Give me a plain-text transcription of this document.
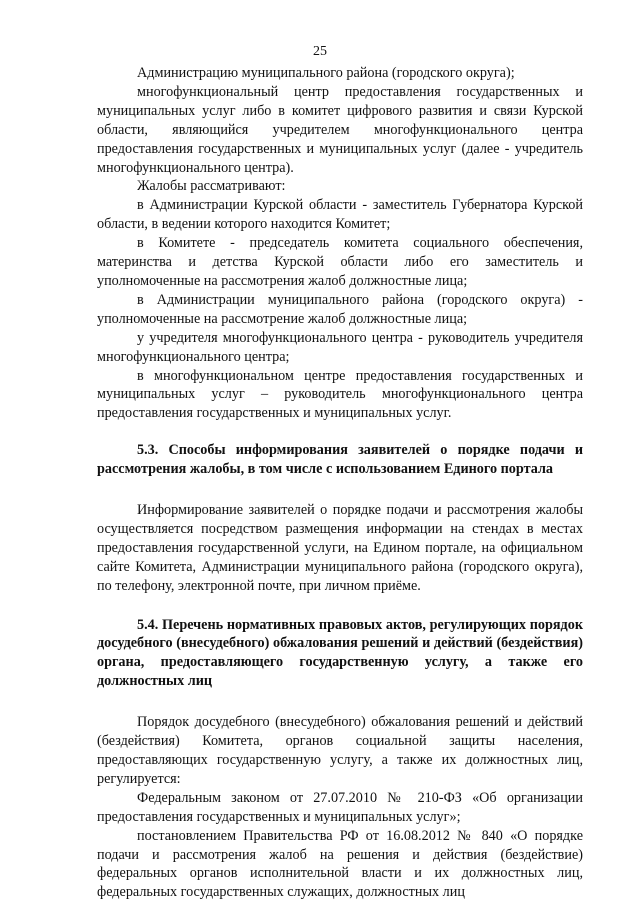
25

Администрацию муниципального района (городского округа);

многофункциональный центр предоставления государственных и муниципальных услуг либо в комитет цифрового развития и связи Курской области, являющийся учредителем многофункционального центра предоставления государственных и муниципальных услуг (далее - учредитель многофункционального центра).

Жалобы рассматривают:

в Администрации Курской области - заместитель Губернатора Курской области, в ведении которого находится Комитет;

в Комитете - председатель комитета социального обеспечения, материнства и детства Курской области либо его заместитель и уполномоченные на рассмотрения жалоб должностные лица;

в Администрации муниципального района (городского округа) - уполномоченные на рассмотрение жалоб должностные лица;

у учредителя многофункционального центра - руководитель учредителя многофункционального центра;

в многофункциональном центре предоставления государственных и муниципальных услуг – руководитель многофункционального центра предоставления государственных и муниципальных услуг.

5.3. Способы информирования заявителей о порядке подачи и рассмотрения жалобы, в том числе с использованием Единого портала

Информирование заявителей о порядке подачи и рассмотрения жалобы осуществляется посредством размещения информации на стендах в местах предоставления государственной услуги, на Едином портале, на официальном сайте Комитета, Администрации муниципального района (городского округа), по телефону, электронной почте, при личном приёме.

5.4. Перечень нормативных правовых актов, регулирующих порядок досудебного (внесудебного) обжалования решений и действий (бездействия) органа, предоставляющего государственную услугу, а также его должностных лиц

Порядок досудебного (внесудебного) обжалования решений и действий (бездействия) Комитета, органов социальной защиты населения, предоставляющих государственную услугу, а также их должностных лиц, регулируется:

Федеральным законом от 27.07.2010 № 210-ФЗ «Об организации предоставления государственных и муниципальных услуг»;

постановлением Правительства РФ от 16.08.2012 № 840 «О порядке подачи и рассмотрения жалоб на решения и действия (бездействие) федеральных органов исполнительной власти и их должностных лиц, федеральных государственных служащих, должностных лиц
